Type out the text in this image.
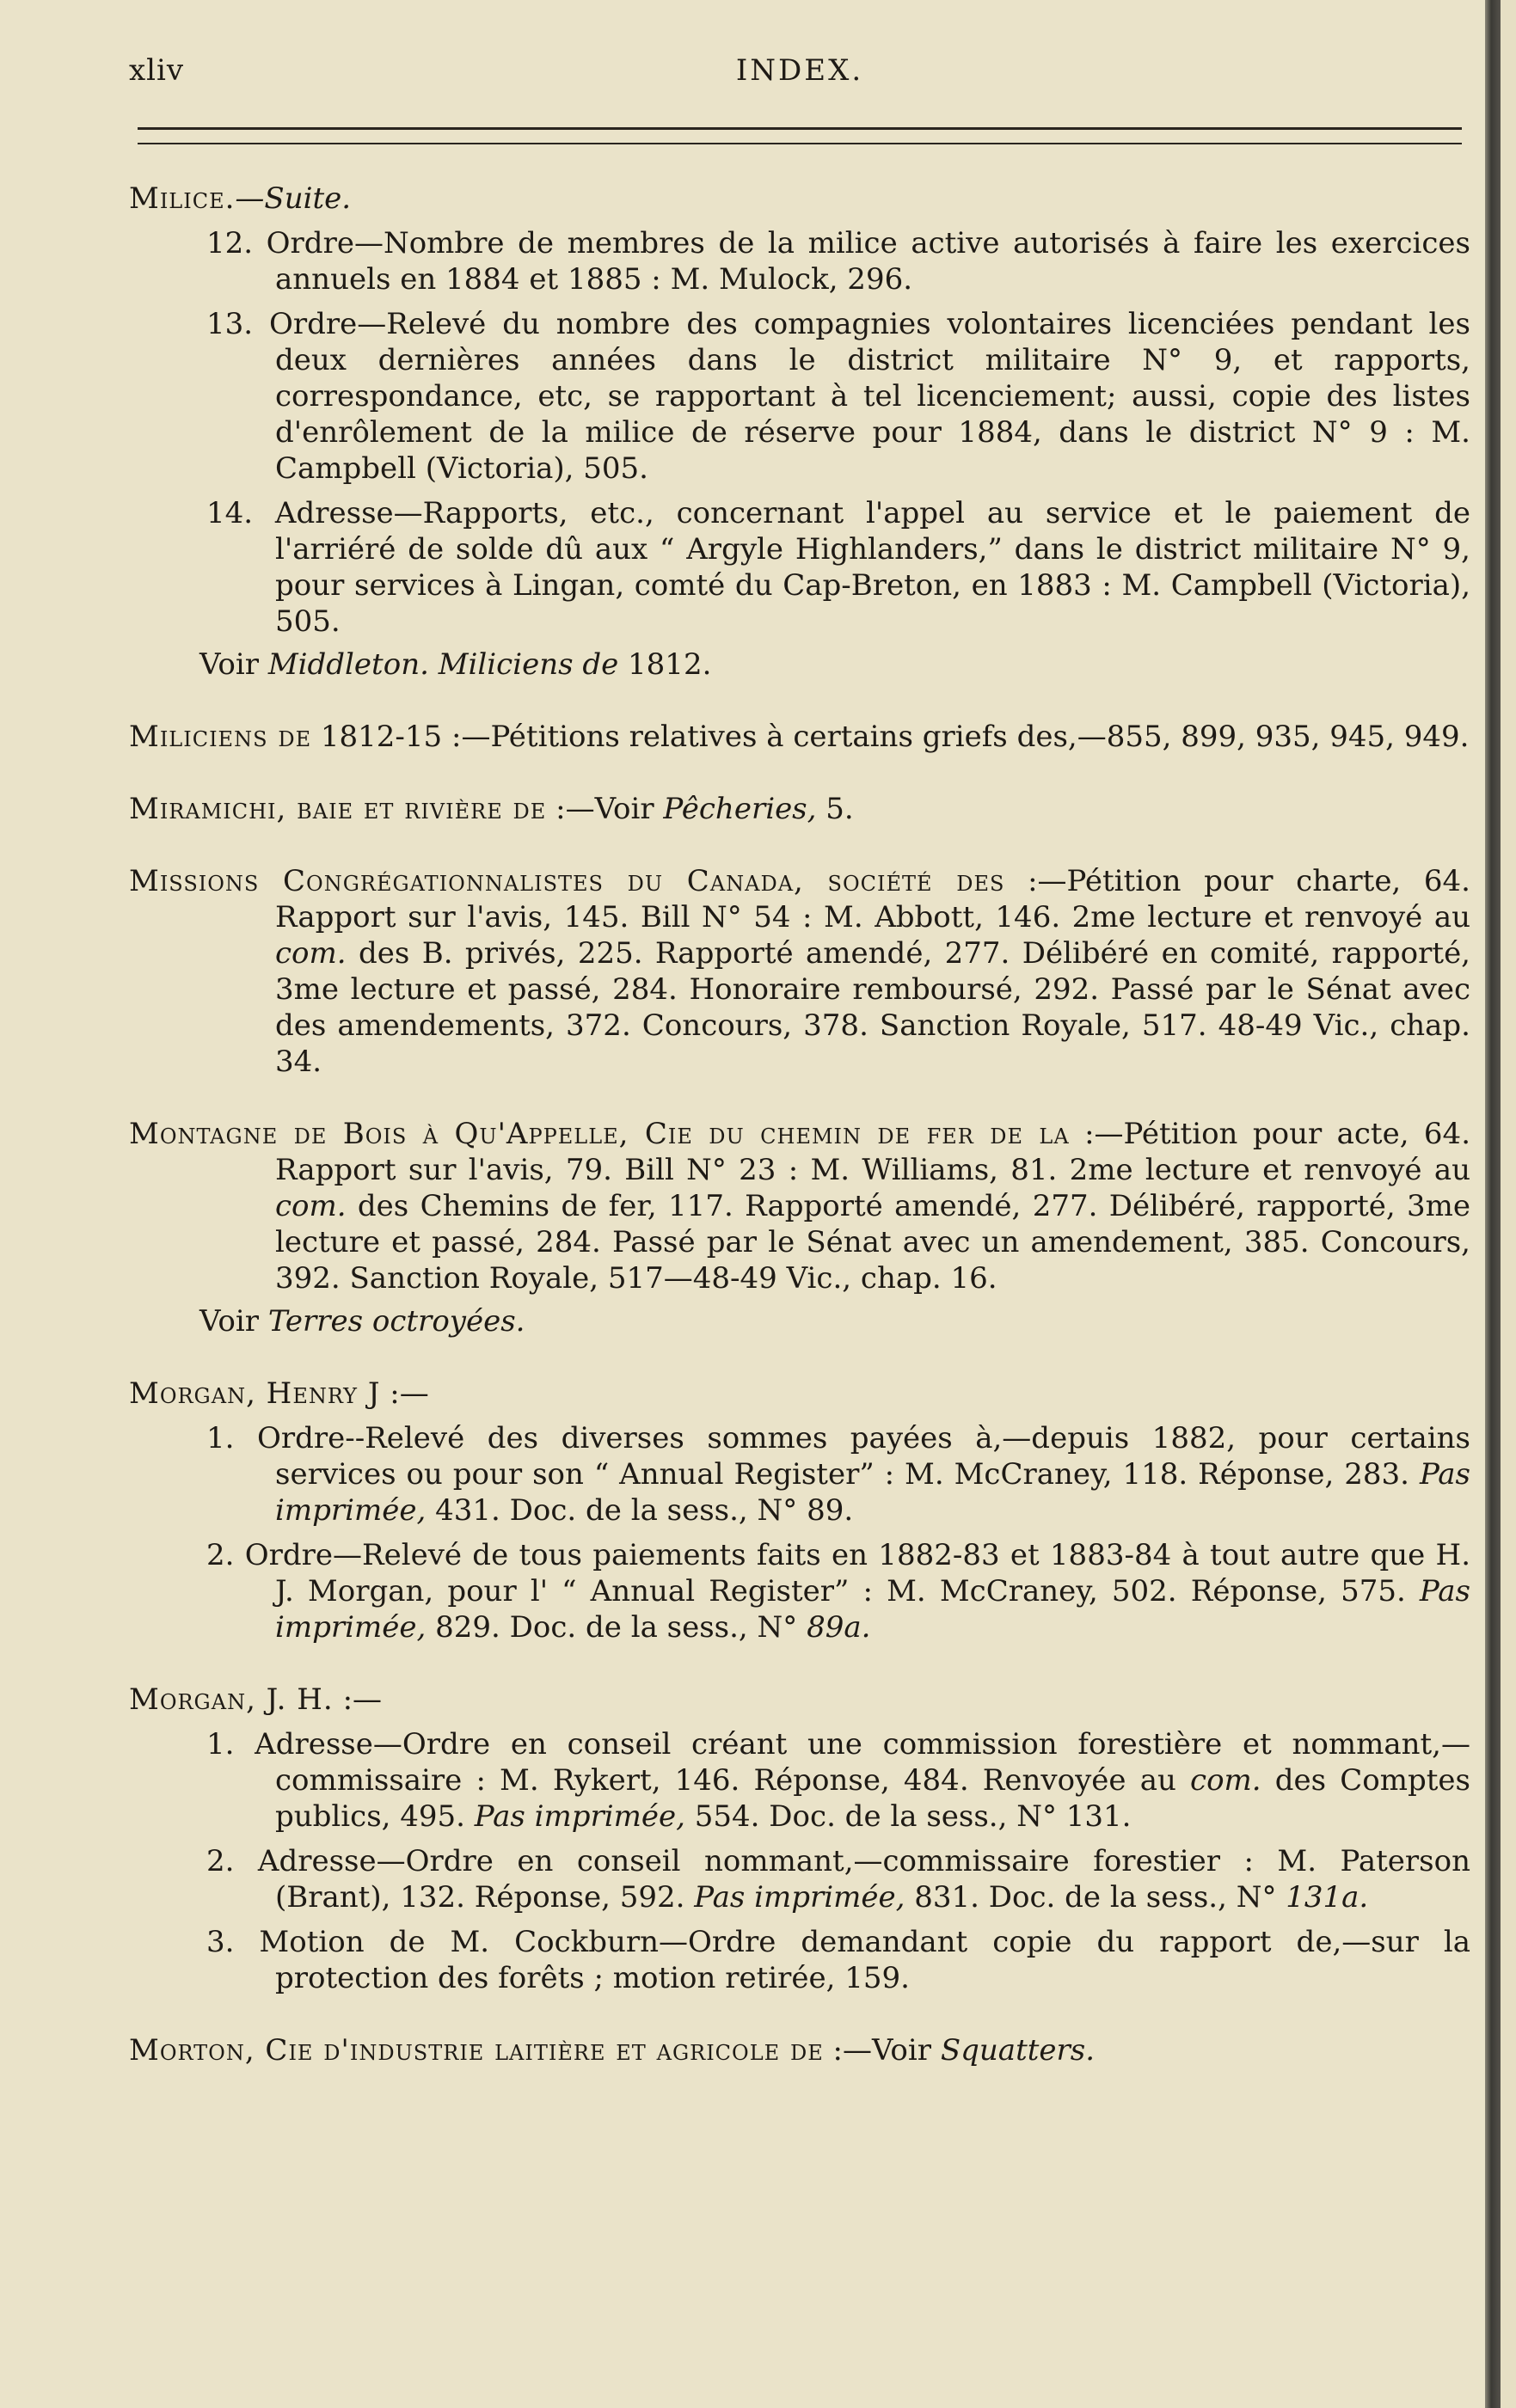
xliv	INDEX.

Milice.—Suite.

12. Ordre—Nombre de membres de la milice active autorisés à faire les exercices annuels en 1884 et 1885 : M. Mulock, 296.

13. Ordre—Relevé du nombre des compagnies volontaires licenciées pendant les deux dernières années dans le district militaire N° 9, et rapports, correspondance, etc, se rapportant à tel licenciement; aussi, copie des listes d'enrôlement de la milice de réserve pour 1884, dans le district N° 9 : M. Campbell (Victoria), 505.

14. Adresse—Rapports, etc., concernant l'appel au service et le paiement de l'arriéré de solde dû aux “ Argyle Highlanders,” dans le district militaire N° 9, pour services à Lingan, comté du Cap-Breton, en 1883 : M. Campbell (Victoria), 505.

Voir Middleton. Miliciens de 1812.

Miliciens de 1812-15 :—Pétitions relatives à certains griefs des,—855, 899, 935, 945, 949.

Miramichi, baie et rivière de :—Voir Pêcheries, 5.

Missions Congrégationnalistes du Canada, société des :—Pétition pour charte, 64. Rapport sur l'avis, 145. Bill N° 54 : M. Abbott, 146. 2me lecture et renvoyé au com. des B. privés, 225. Rapporté amendé, 277. Délibéré en comité, rapporté, 3me lecture et passé, 284. Honoraire remboursé, 292. Passé par le Sénat avec des amendements, 372. Concours, 378. Sanction Royale, 517. 48-49 Vic., chap. 34.

Montagne de Bois à Qu'Appelle, Cie du chemin de fer de la :—Pétition pour acte, 64. Rapport sur l'avis, 79. Bill N° 23 : M. Williams, 81. 2me lecture et renvoyé au com. des Chemins de fer, 117. Rapporté amendé, 277. Délibéré, rapporté, 3me lecture et passé, 284. Passé par le Sénat avec un amendement, 385. Concours, 392. Sanction Royale, 517—48-49 Vic., chap. 16.

Voir Terres octroyées.

Morgan, Henry J :—

1. Ordre--Relevé des diverses sommes payées à,—depuis 1882, pour certains services ou pour son “ Annual Register” : M. McCraney, 118. Réponse, 283. Pas imprimée, 431. Doc. de la sess., N° 89.

2. Ordre—Relevé de tous paiements faits en 1882-83 et 1883-84 à tout autre que H. J. Morgan, pour l' “ Annual Register” : M. McCraney, 502. Réponse, 575. Pas imprimée, 829. Doc. de la sess., N° 89a.

Morgan, J. H. :—

1. Adresse—Ordre en conseil créant une commission forestière et nommant,—commissaire : M. Rykert, 146. Réponse, 484. Renvoyée au com. des Comptes publics, 495. Pas imprimée, 554. Doc. de la sess., N° 131.

2. Adresse—Ordre en conseil nommant,—commissaire forestier : M. Paterson (Brant), 132. Réponse, 592. Pas imprimée, 831. Doc. de la sess., N° 131a.

3. Motion de M. Cockburn—Ordre demandant copie du rapport de,—sur la protection des forêts ; motion retirée, 159.

Morton, Cie d'industrie laitière et agricole de :—Voir Squatters.
